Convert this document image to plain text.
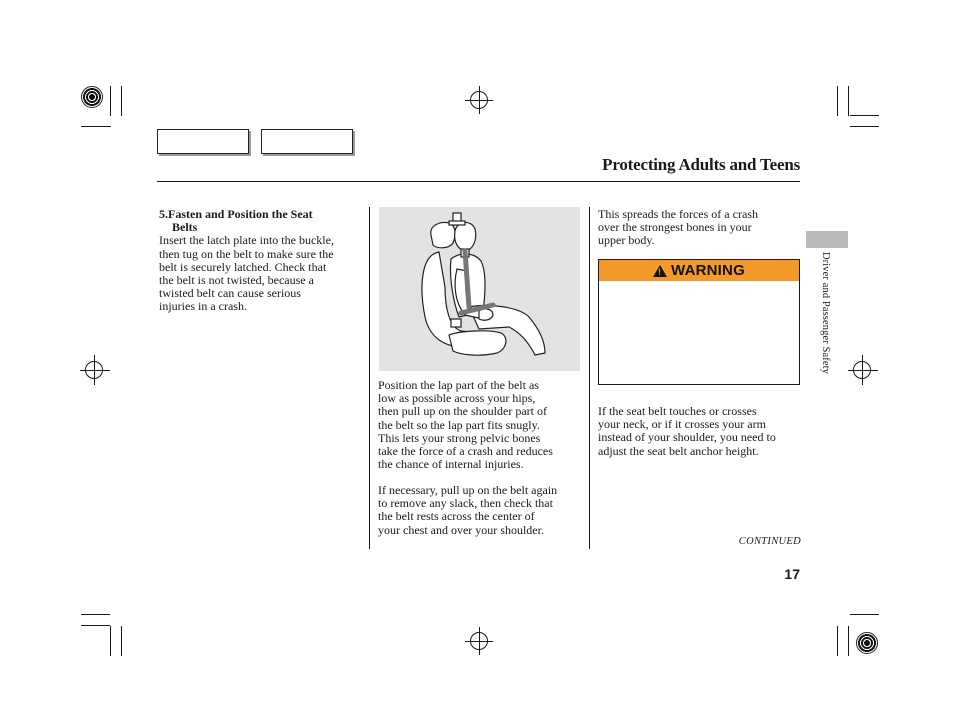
Protecting Adults and Teens
5.Fasten and Position the Seat
Belts
Insert the latch plate into the buckle,
then tug on the belt to make sure the
belt is securely latched. Check that
the belt is not twisted, because a
twisted belt can cause serious
injuries in a crash.
Position the lap part of the belt as
low as possible across your hips,
then pull up on the shoulder part of
the belt so the lap part fits snugly.
This lets your strong pelvic bones
take the force of a crash and reduces
the chance of internal injuries.
If necessary, pull up on the belt again
to remove any slack, then check that
the belt rests across the center of
your chest and over your shoulder.
This spreads the forces of a crash
over the strongest bones in your
upper body.
! WARNING
If the seat belt touches or crosses
your neck, or if it crosses your arm
instead of your shoulder, you need to
adjust the seat belt anchor height.
Driver and Passenger Safety
CONTINUED
17
